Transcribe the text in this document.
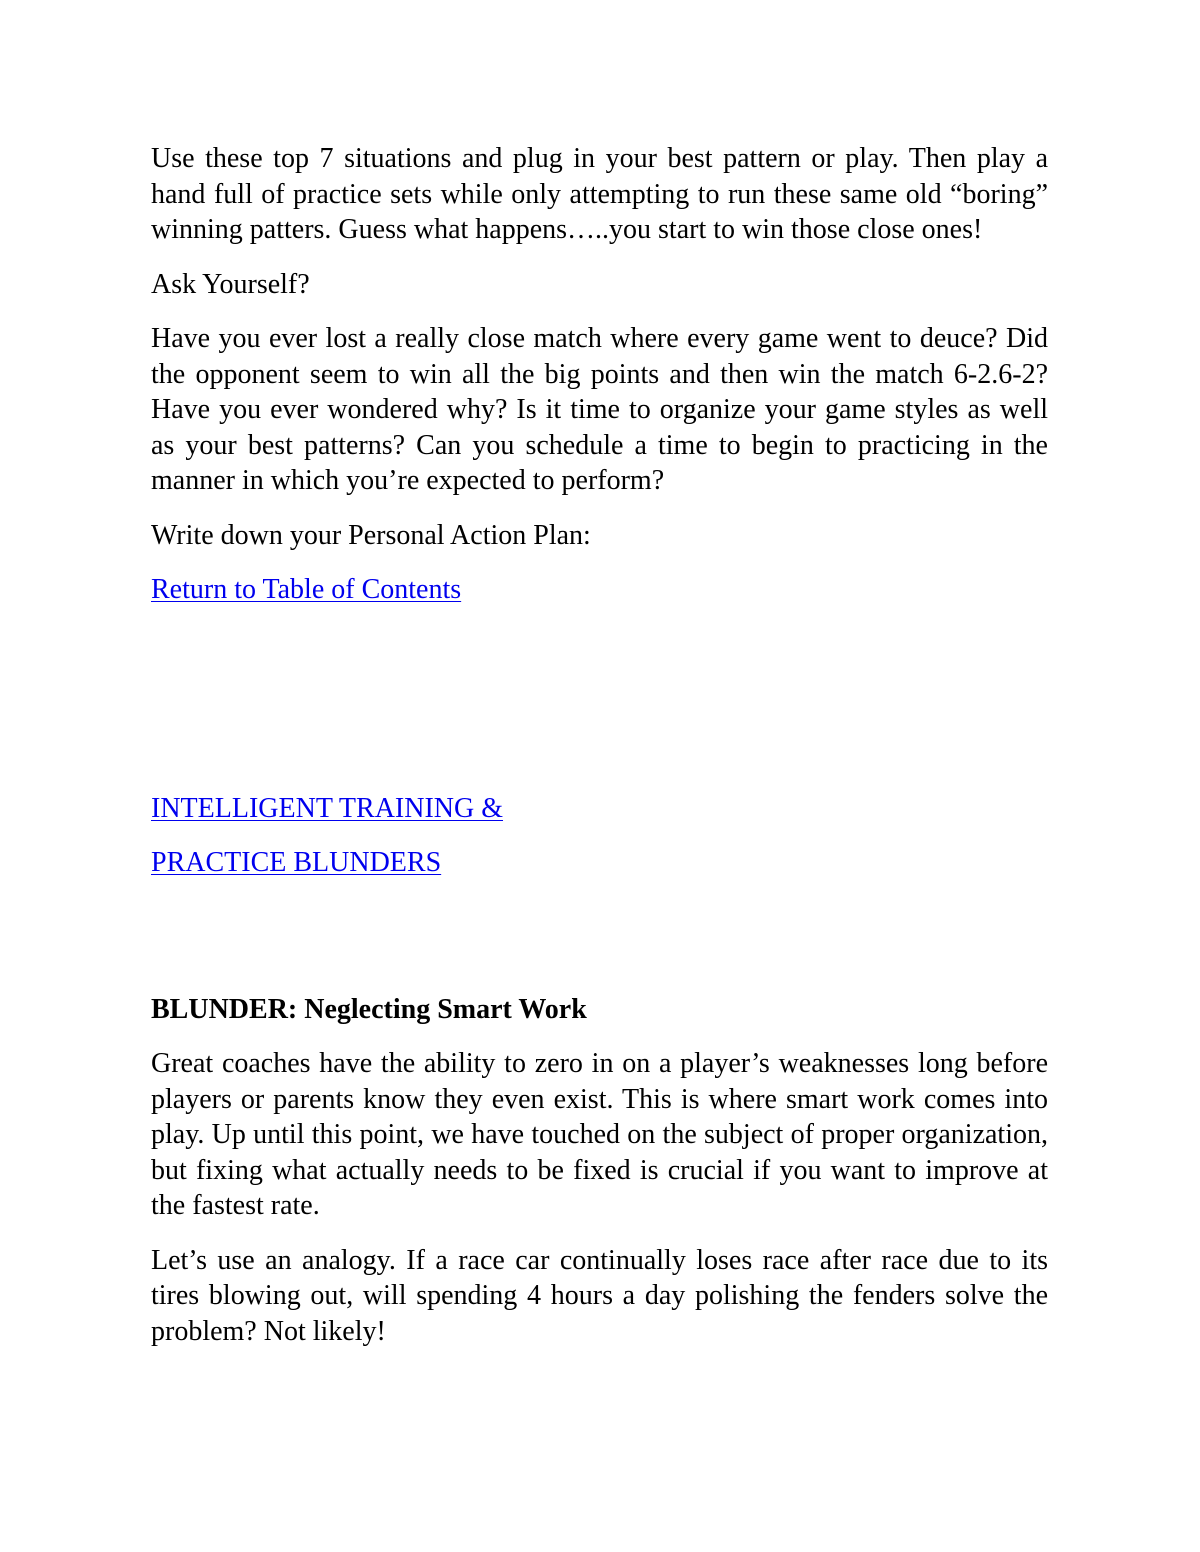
Use these top 7 situations and plug in your best pattern or play. Then play a hand full of practice sets while only attempting to run these same old “boring” winning patters. Guess what happens…..you start to win those close ones!

Ask Yourself?

Have you ever lost a really close match where every game went to deuce? Did the opponent seem to win all the big points and then win the match 6-2.6-2? Have you ever wondered why? Is it time to organize your game styles as well as your best patterns? Can you schedule a time to begin to practicing in the manner in which you’re expected to perform?

Write down your Personal Action Plan:

Return to Table of Contents

INTELLIGENT TRAINING &

PRACTICE BLUNDERS

BLUNDER: Neglecting Smart Work

Great coaches have the ability to zero in on a player’s weaknesses long before players or parents know they even exist. This is where smart work comes into play. Up until this point, we have touched on the subject of proper organization, but fixing what actually needs to be fixed is crucial if you want to improve at the fastest rate.

Let’s use an analogy. If a race car continually loses race after race due to its tires blowing out, will spending 4 hours a day polishing the fenders solve the problem? Not likely!
